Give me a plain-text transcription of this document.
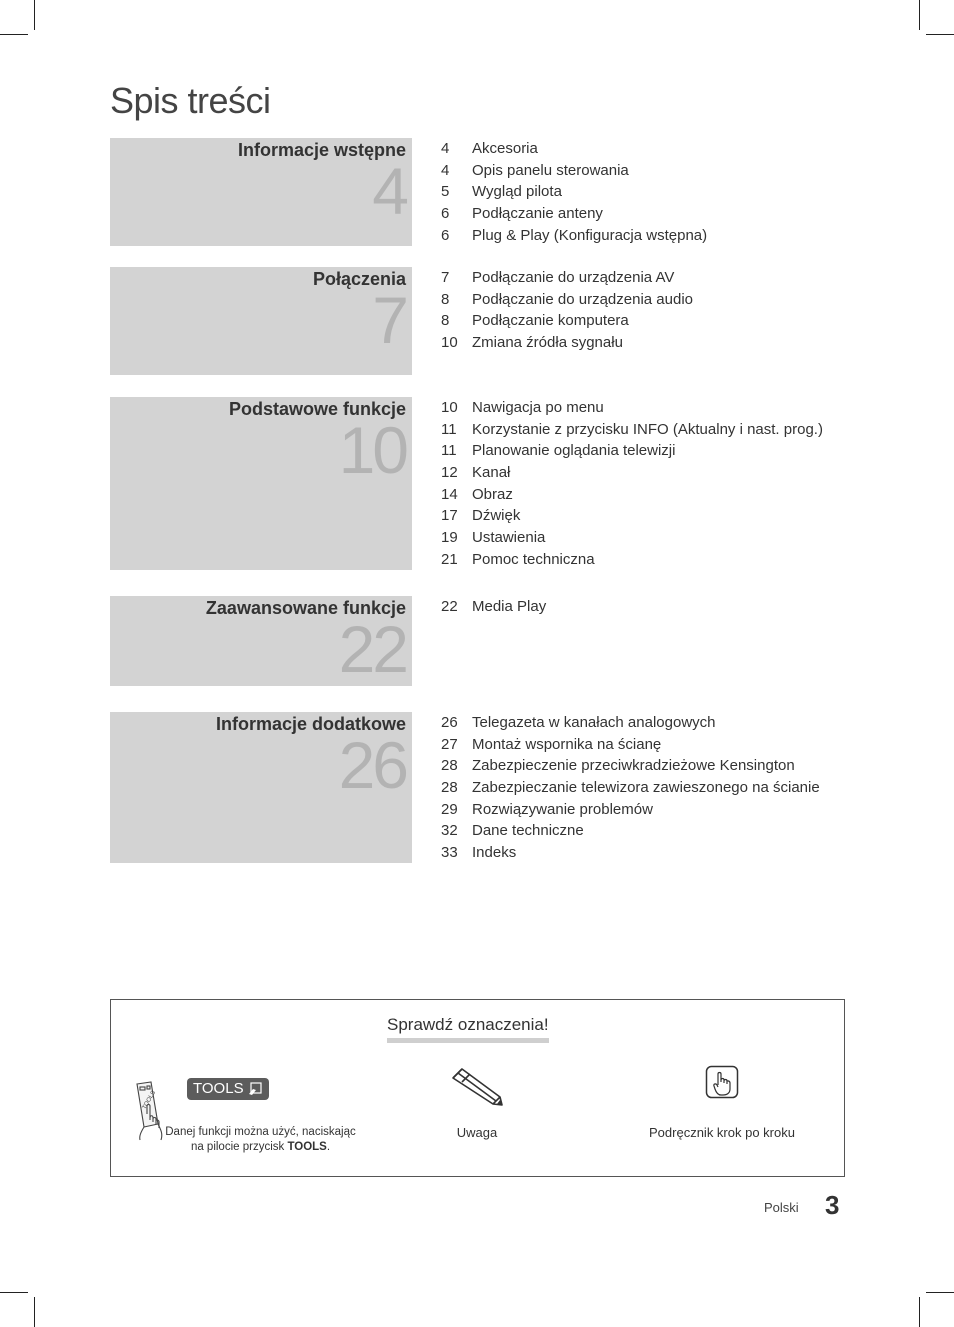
Spis treści
Informacje wstępne
4
4 Akcesoria
4 Opis panelu sterowania
5 Wygląd pilota
6 Podłączanie anteny
6 Plug & Play (Konfiguracja wstępna)
Połączenia
7
7 Podłączanie do urządzenia AV
8 Podłączanie do urządzenia audio
8 Podłączanie komputera
10 Zmiana źródła sygnału
Podstawowe funkcje
10
10 Nawigacja po menu
11 Korzystanie z przycisku INFO (Aktualny i nast. prog.)
11 Planowanie oglądania telewizji
12 Kanał
14 Obraz
17 Dźwięk
19 Ustawienia
21 Pomoc techniczna
Zaawansowane funkcje
22
22 Media Play
Informacje dodatkowe
26
26 Telegazeta w kanałach analogowych
27 Montaż wspornika na ścianę
28 Zabezpieczenie przeciwkradzieżowe Kensington
28 Zabezpieczanie telewizora zawieszonego na ścianie
29 Rozwiązywanie problemów
32 Dane techniczne
33 Indeks
Sprawdź oznaczenia!
TOOLS
TOOLS
Danej funkcji można użyć, naciskając
na pilocie przycisk TOOLS.
Uwaga	Podręcznik krok po kroku
Polski 3
